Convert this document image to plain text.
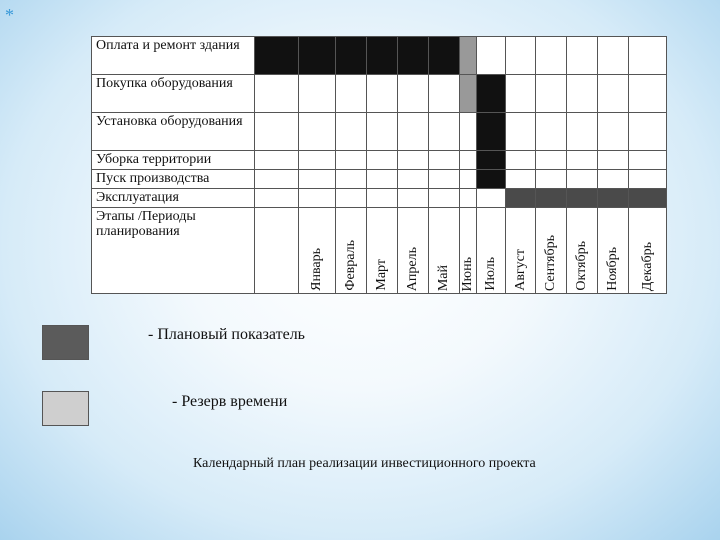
*
Оплата и ремонт здания													
Покупка оборудования													
Установка оборудования													
Уборка территории													
Пуск производства													
Эксплуатация													
Этапы /Периоды планирования		Январь	Февраль	Март	Апрель	Май	Июнь	Июль	Август	Сентябрь	Октябрь	Ноябрь	Декабрь
- Плановый показатель
- Резерв времени
Календарный план реализации инвестиционного проекта
